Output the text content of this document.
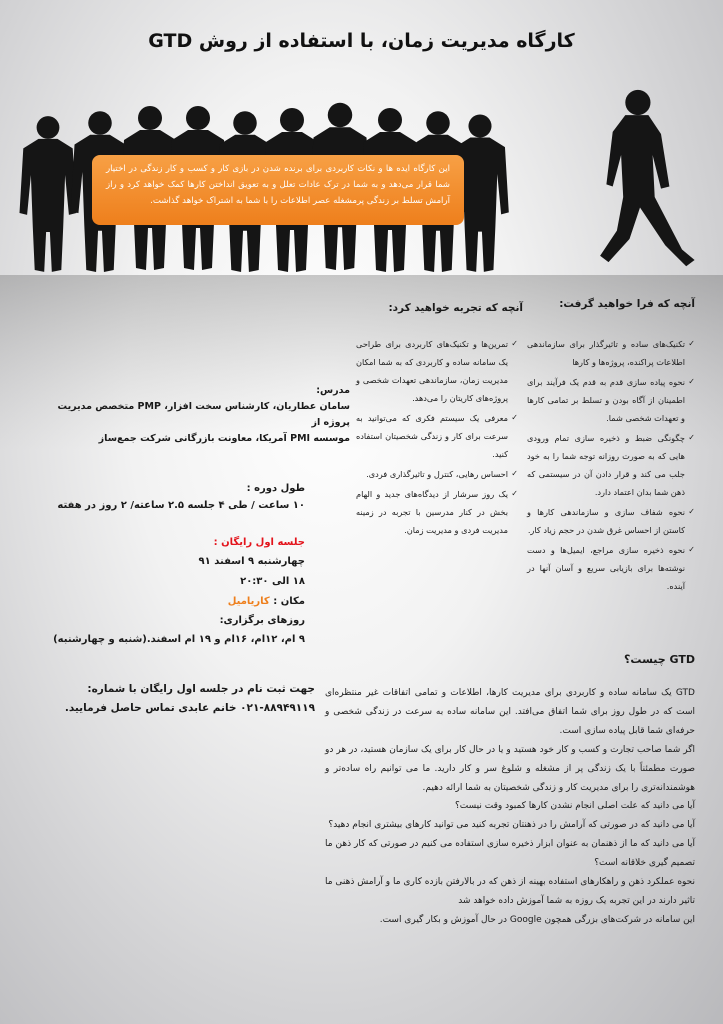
کارگاه مدیریت زمان، با استفاده از روش GTD
این کارگاه ایده ها و نکات کاربردی برای برنده شدن در بازی کار و کسب و کار زندگی در اختیار شما قرار می‌دهد و به شما در ترک عادات تعلل و به تعویق انداختن کارها کمک خواهد کرد و راز آرامش تسلط بر زندگی پرمشغله عصر اطلاعات را با شما به اشتراک خواهد گذاشت.
آنچه که فرا خواهید گرفت:
✓ تکنیک‌های ساده و تاثیرگذار برای سازماندهی اطلاعات پراکنده، پروژه‌ها و کارها
✓ نحوه پیاده سازی قدم به قدم یک فرآیند برای اطمینان از آگاه بودن و تسلط بر تمامی کارها و تعهدات شخصی شما.
✓ چگونگی ضبط و ذخیره سازی تمام ورودی هایی که به صورت روزانه توجه شما را به خود جلب می کند و قرار دادن آن در سیستمی که ذهن شما بدان اعتماد دارد.
✓ نحوه شفاف سازی و سازماندهی کارها و کاستن از احساس غرق شدن در حجم زیاد کار.
✓ نحوه ذخیره سازی مراجع، ایمیل‌ها و دست نوشته‌ها برای بازیابی سریع و آسان آنها در آینده.
آنچه که تجربه خواهید کرد:
✓ تمرین‌ها و تکنیک‌های کاربردی برای طراحی یک سامانه ساده و کاربردی که به شما امکان مدیریت زمان، سازماندهی تعهدات شخصی و پروژه‌های کاریتان را می‌دهد.
✓ معرفی یک سیستم فکری که می‌توانید به سرعت برای کار و زندگی شخصیتان استفاده کنید.
✓ احساس رهایی، کنترل و تاثیرگذاری فردی.
✓ یک روز سرشار از دیدگاه‌های جدید و الهام بخش در کنار مدرسین با تجربه در زمینه مدیریت فردی و مدیریت زمان.
مدرس:
سامان عطاریان، کارشناس سخت افزار، PMP متخصص مدیریت پروژه از
موسسه PMI آمریکا، معاونت بازرگانی شرکت جمع‌ساز
طول دوره :
۱۰ ساعت / طی ۴ جلسه ۲.۵ ساعته/ ۲ روز در هفته
جلسه اول رایگان :
چهارشنبه ۹ اسفند ۹۱
۱۸ الی ۲۰:۳۰
مکان : کاریامیل
روزهای برگزاری:
۹ ام، ۱۲ام، ۱۶ام و ۱۹ ام اسفند.(شنبه و چهارشنبه)
جهت ثبت نام در جلسه اول رایگان با شماره:
۰۲۱-۸۸۹۴۹۱۱۹ خانم عابدی تماس حاصل فرمایید.
GTD چیست؟

GTD یک سامانه ساده و کاربردی برای مدیریت کارها، اطلاعات و تمامی اتفاقات غیر منتظره‌ای است که در طول روز برای شما اتفاق می‌افتد. این سامانه ساده به سرعت در زندگی شخصی و حرفه‌ای شما قابل پیاده سازی است.

اگر شما صاحب تجارت و کسب و کار خود هستید و یا در حال کار برای یک سازمان هستید، در هر دو صورت مطمئناً با یک زندگی پر از مشغله و شلوغ سر و کار دارید. ما می توانیم راه ساده‌تر و هوشمندانه‌تری را برای مدیریت کار و زندگی شخصیتان به شما ارائه دهیم.

آیا می دانید که علت اصلی انجام نشدن کارها کمبود وقت نیست؟

آیا می دانید که در صورتی که آرامش را در ذهنتان تجربه کنید می توانید کارهای بیشتری انجام دهید؟

آیا می دانید که ما از ذهنمان به عنوان ابزار ذخیره سازی استفاده می کنیم در صورتی که کار ذهن ما تصمیم گیری خلاقانه است؟

نحوه عملکرد ذهن و راهکارهای استفاده بهینه از ذهن که در بالارفتن بازده کاری ما و آرامش ذهنی ما تاثیر دارند در این تجربه یک روزه به شما آموزش داده خواهد شد

این سامانه در شرکت‌های بزرگی همچون Google در حال آموزش و بکار گیری است.
